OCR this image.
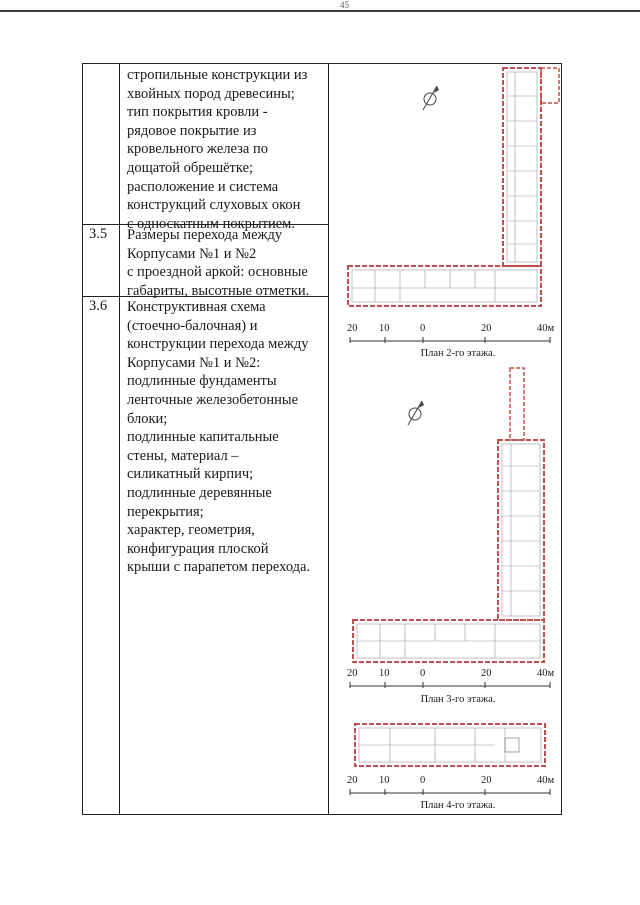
45
стропильные конструкции из
хвойных пород древесины;
тип покрытия кровли -
рядовое покрытие из
кровельного железа по
дощатой обрешётке;
расположение и система
конструкций слуховых окон
с односкатным покрытием.
3.5 Размеры перехода между
Корпусами №1 и №2
с проездной аркой: основные
габариты, высотные отметки.
3.6 Конструктивная схема
(стоечно-балочная) и
конструкции перехода между
Корпусами №1 и №2:
подлинные фундаменты
ленточные железобетонные
блоки;
подлинные капитальные
стены, материал –
силикатный кирпич;
подлинные деревянные
перекрытия;
характер, геометрия,
конфигурация плоской
крыши с парапетом перехода.
20 10	0	20	40м
План 2-го этажа.
20 10	0	20	40м
План 3-го этажа.
20 10	0	20	40м
План 4-го этажа.
